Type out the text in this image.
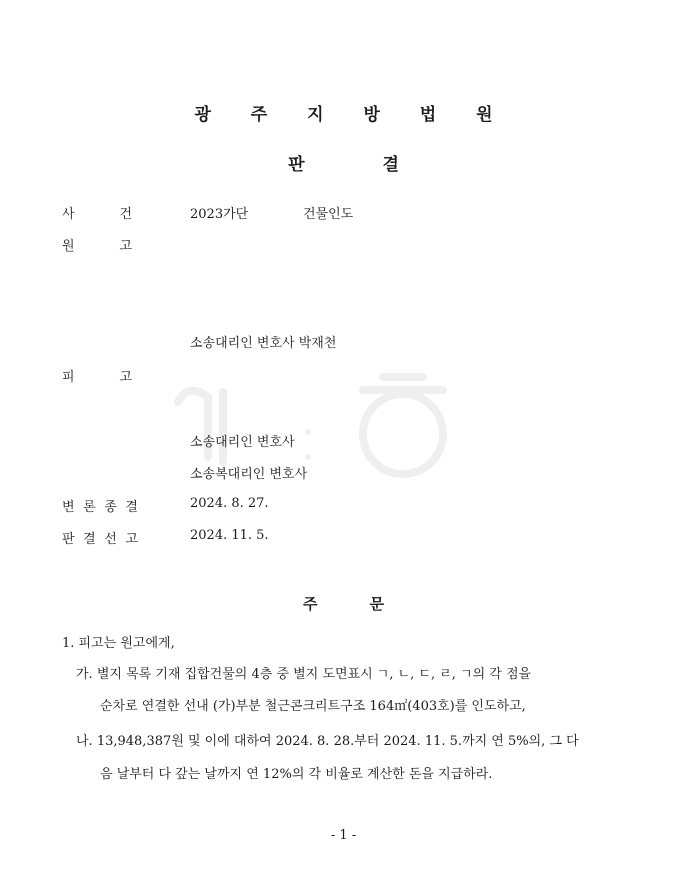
광 주 지 방 법 원
판	결
사	건	2023가단	건물인도
원	고
소송대리인 변호사 박재천
피	고
소송대리인 변호사
소송복대리인 변호사
변 론 종 결	2024. 8. 27.
판 결 선 고	2024. 11. 5.
주	문
1. 피고는 원고에게,
가. 별지 목록 기재 집합건물의 4층 중 별지 도면표시 ㄱ, ㄴ, ㄷ, ㄹ, ㄱ의 각 점을
순차로 연결한 선내 (가)부분 철근콘크리트구조 164㎡(403호)를 인도하고,
나. 13,948,387원 및 이에 대하여 2024. 8. 28.부터 2024. 11. 5.까지 연 5%의, 그 다
음 날부터 다 갚는 날까지 연 12%의 각 비율로 계산한 돈을 지급하라.
- 1 -
